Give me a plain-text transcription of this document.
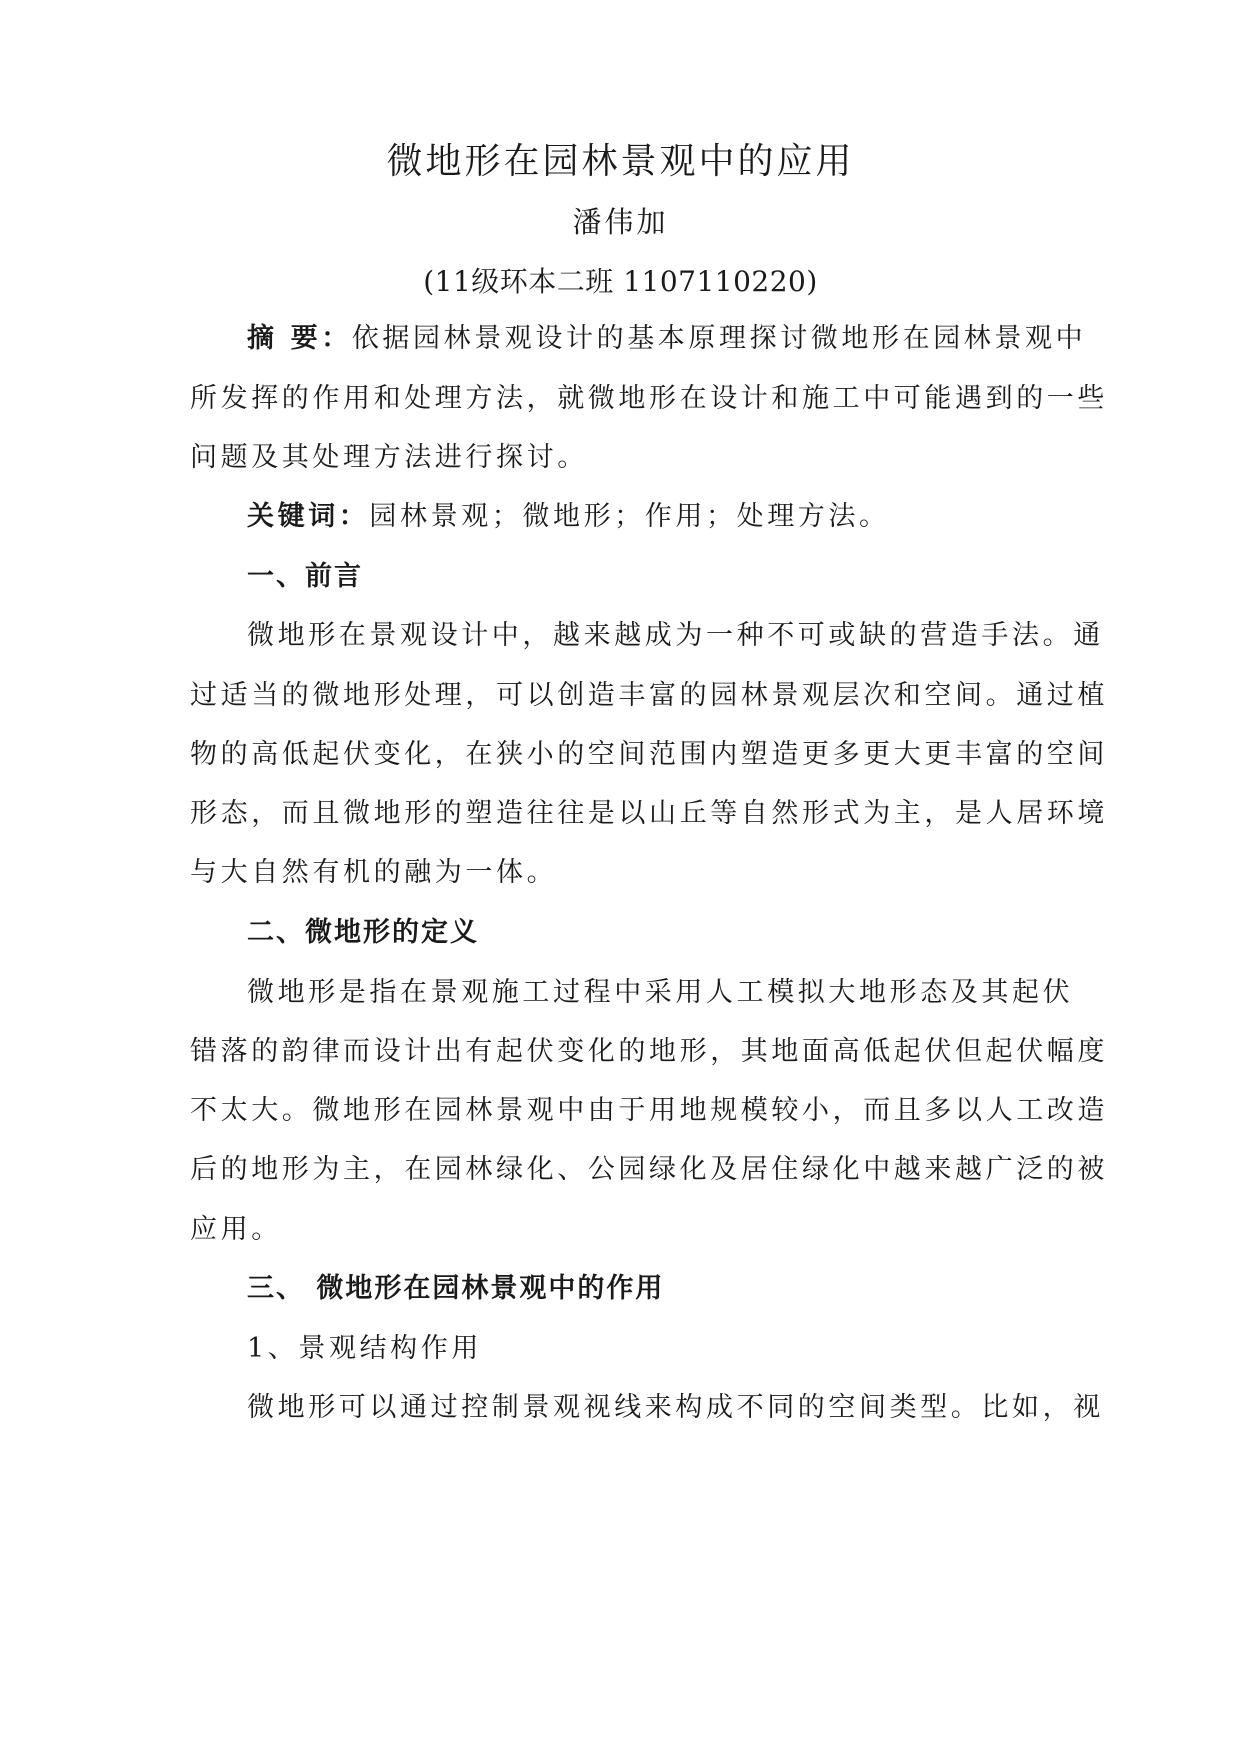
微地形在园林景观中的应用
潘伟加
(11级环本二班 1107110220)
摘 要：依据园林景观设计的基本原理探讨微地形在园林景观中
所发挥的作用和处理方法，就微地形在设计和施工中可能遇到的一些
问题及其处理方法进行探讨。
关键词：园林景观；微地形；作用；处理方法。
一、前言
微地形在景观设计中，越来越成为一种不可或缺的营造手法。通
过适当的微地形处理，可以创造丰富的园林景观层次和空间。通过植
物的高低起伏变化，在狭小的空间范围内塑造更多更大更丰富的空间
形态，而且微地形的塑造往往是以山丘等自然形式为主，是人居环境
与大自然有机的融为一体。
二、微地形的定义
微地形是指在景观施工过程中采用人工模拟大地形态及其起伏
错落的韵律而设计出有起伏变化的地形，其地面高低起伏但起伏幅度
不太大。微地形在园林景观中由于用地规模较小，而且多以人工改造
后的地形为主，在园林绿化、公园绿化及居住绿化中越来越广泛的被
应用。
三、 微地形在园林景观中的作用
1、景观结构作用
微地形可以通过控制景观视线来构成不同的空间类型。比如，视
